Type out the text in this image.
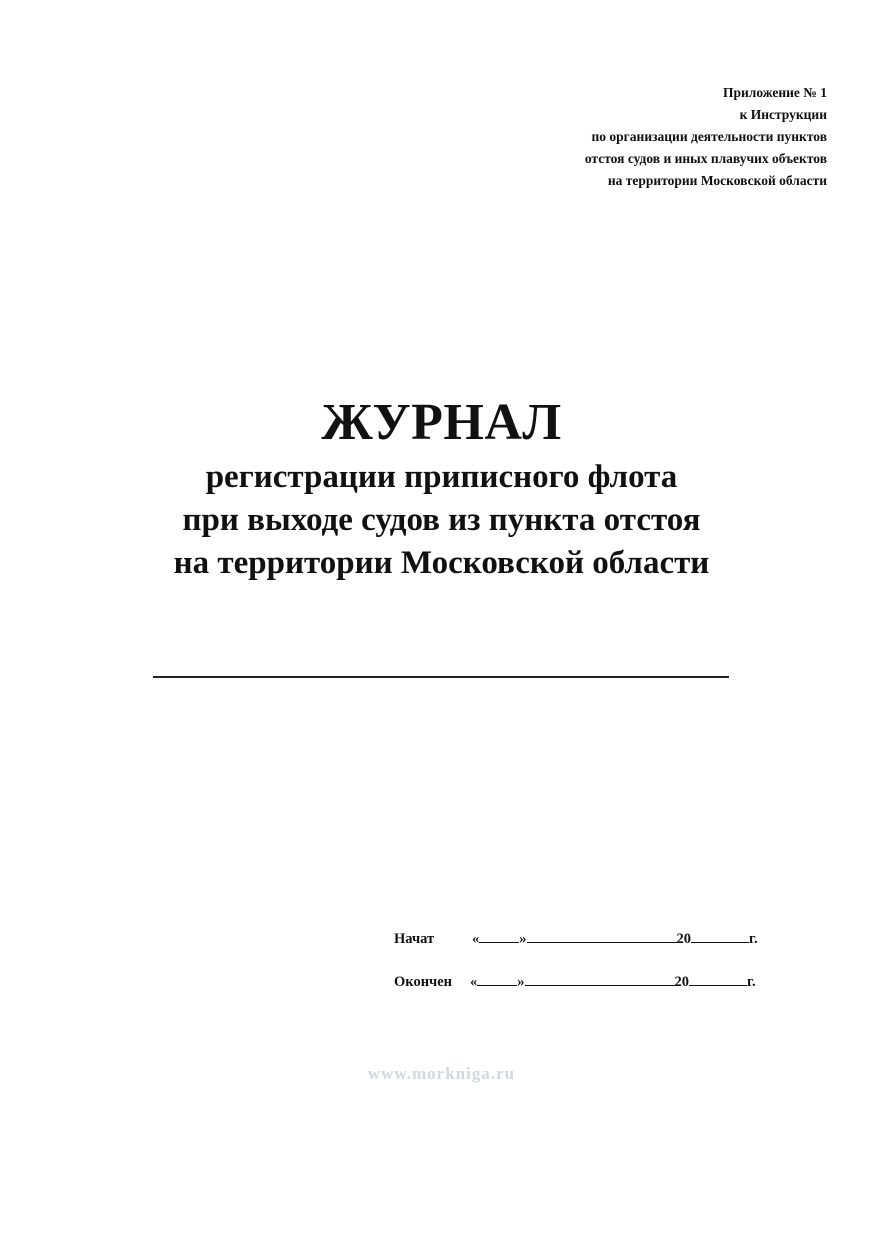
Приложение № 1
к Инструкции
по организации деятельности пунктов
отстоя судов и иных плавучих объектов
на территории Московской области
ЖУРНАЛ
регистрации приписного флота
при выходе судов из пункта отстоя
на территории Московской области
Начат	«	»	20	г.
Окончен «	»	20	г.
www.morkniga.ru
